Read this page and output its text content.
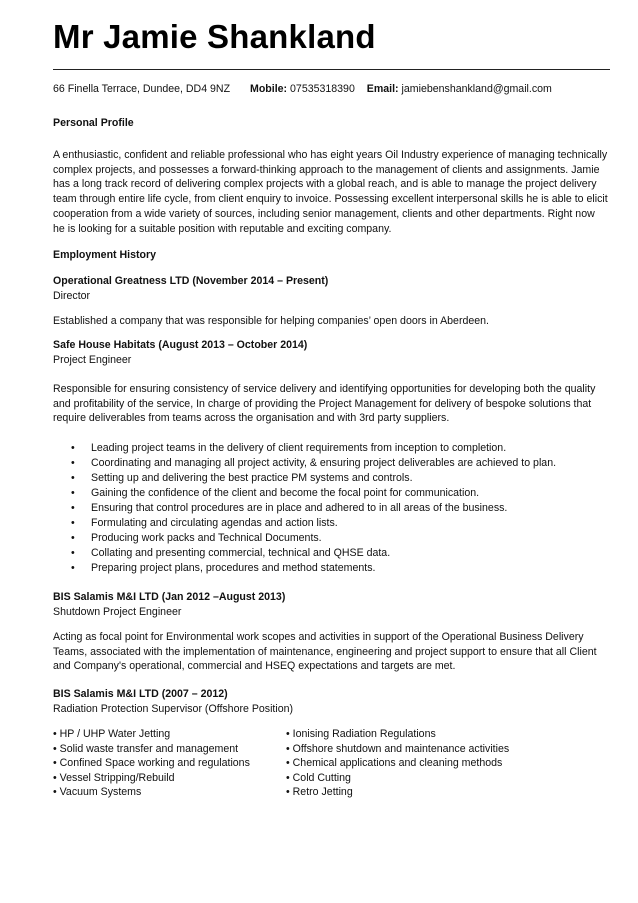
Mr Jamie Shankland
66 Finella Terrace, Dundee, DD4 9NZ Mobile: 07535318390 Email: jamiebenshankland@gmail.com
Personal Profile

A enthusiastic, confident and reliable professional who has eight years Oil Industry experience of managing technically complex projects, and possesses a forward-thinking approach to the management of clients and assignments. Jamie has a long track record of delivering complex projects with a global reach, and is able to manage the project delivery team through entire life cycle, from client enquiry to invoice. Possessing excellent interpersonal skills he is able to elicit cooperation from a wide variety of sources, including senior management, clients and other departments. Right now he is looking for a suitable position with reputable and exciting company.

Employment History
Operational Greatness LTD (November 2014 – Present)
Director

Established a company that was responsible for helping companies’ open doors in Aberdeen.

Safe House Habitats (August 2013 – October 2014)
Project Engineer

Responsible for ensuring consistency of service delivery and identifying opportunities for developing both the quality and profitability of the service, In charge of providing the Project Management for delivery of bespoke solutions that require deliverables from teams across the organisation and with 3rd party suppliers.

• Leading project teams in the delivery of client requirements from inception to completion.
• Coordinating and managing all project activity, & ensuring project deliverables are achieved to plan.
• Setting up and delivering the best practice PM systems and controls.
• Gaining the confidence of the client and become the focal point for communication.
• Ensuring that control procedures are in place and adhered to in all areas of the business.
• Formulating and circulating agendas and action lists.
• Producing work packs and Technical Documents.
• Collating and presenting commercial, technical and QHSE data.
• Preparing project plans, procedures and method statements.
BIS Salamis M&I LTD (Jan 2012 –August 2013)
Shutdown Project Engineer

Acting as focal point for Environmental work scopes and activities in support of the Operational Business Delivery Teams, associated with the implementation of maintenance, engineering and project support to ensure that all Client and Company's operational, commercial and HSEQ expectations and targets are met.

BIS Salamis M&I LTD (2007 – 2012)
Radiation Protection Supervisor (Offshore Position)
• HP / UHP Water Jetting
• Solid waste transfer and management
• Confined Space working and regulations
• Vessel Stripping/Rebuild
• Vacuum Systems
• Ionising Radiation Regulations
• Offshore shutdown and maintenance activities
• Chemical applications and cleaning methods
• Cold Cutting
• Retro Jetting
